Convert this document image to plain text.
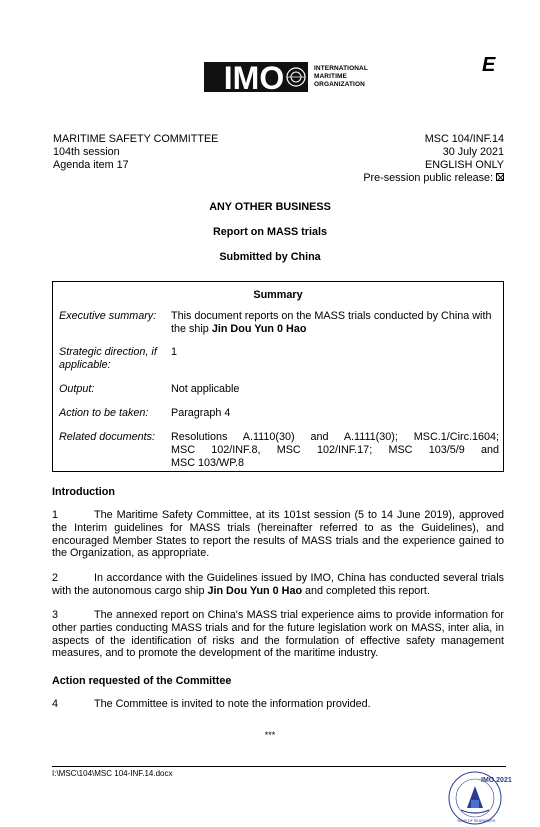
IMO	INTERNATIONAL
MARITIME
ORGANIZATION
E
MARITIME SAFETY COMMITTEE
104th session
Agenda item 17
MSC 104/INF.14
30 July 2021
ENGLISH ONLY
Pre-session public release:
ANY OTHER BUSINESS
Report on MASS trials
Submitted by China
Summary
Executive summary:	This document reports on the MASS trials conducted by China with the ship Jin Dou Yun 0 Hao
Strategic direction, if
applicable:
1
Output:	Not applicable
Action to be taken:	Paragraph 4
Related documents:	Resolutions A.1110(30) and A.1111(30); MSC.1/Circ.1604;
MSC 102/INF.8, MSC 102/INF.17; MSC 103/5/9 and
MSC 103/WP.8
Introduction
1	The Maritime Safety Committee, at its 101st session (5 to 14 June 2019), approved the Interim guidelines for MASS trials (hereinafter referred to as the Guidelines), and encouraged Member States to report the results of MASS trials and the experience gained to the Organization, as appropriate.
2	In accordance with the Guidelines issued by IMO, China has conducted several trials with the autonomous cargo ship Jin Dou Yun 0 Hao and completed this report.
3	The annexed report on China's MASS trial experience aims to provide information for other parties conducting MASS trials and for the future legislation work on MASS, inter alia, in aspects of the identification of risks and the formulation of effective safety management measures, and to promote the development of the maritime industry.
Action requested of the Committee
4	The Committee is invited to note the information provided.
***
I:\MSC\104\MSC 104-INF.14.docx
IMO 2021
YEAR OF SEAFARERS
